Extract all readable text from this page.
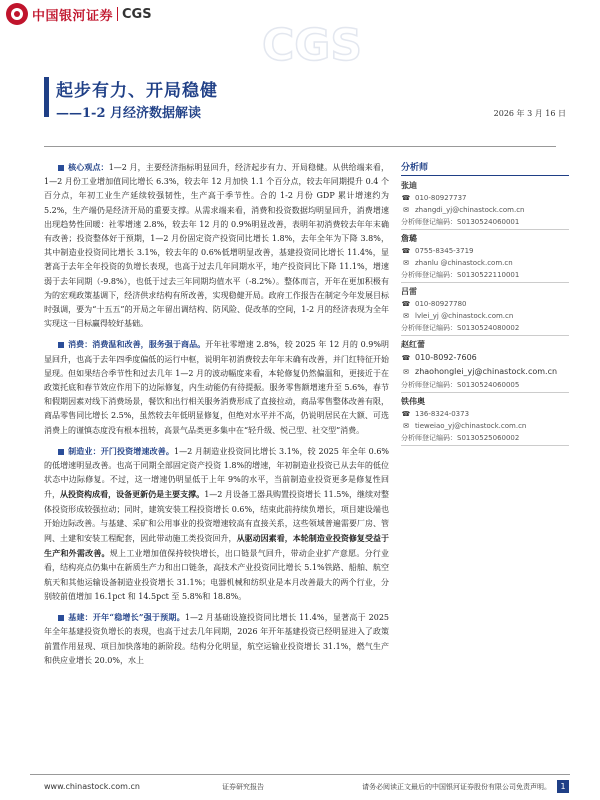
中国银河证券 CGS
CGS
起步有力、开局稳健
——1-2 月经济数据解读	2026 年 3 月 16 日

核心观点：1—2 月，主要经济指标明显回升，经济起步有力、开局稳健。从供给端来看，1—2 月份工业增加值同比增长 6.3%，较去年 12 月加快 1.1 个百分点，较去年同期提升 0.4 个百分点，年初工业生产延续较强韧性，生产高于季节性。合的 1-2 月份 GDP 累计增速约为 5.2%，生产端仍是经济开局的重要支撑。从需求端来看，消费和投资数据均明显回升，消费增速出现趋势性回暖：社零增速 2.8%，较去年 12 月的 0.9%明显改善，表明年初消费较去年年末确有改善；投资整体好于预期，1—2 月份固定资产投资同比增长 1.8%，去年全年为下降 3.8%，其中制造业投资同比增长 3.1%，较去年的 0.6%低增明显改善，基建投资同比增长 11.4%，显著高于去年全年投资的负增长表现，也高于过去几年同期水平，地产投资同比下降 11.1%，增速弱于去年同期（-9.8%），也低于过去三年同期均值水平（-8.2%）。整体而言，开年在更加积极有为的宏观政策基调下，经济供求结构有所改善，实现稳健开局。政府工作报告在制定今年发展目标时强调，要为“十五五”的开局之年留出调结构、防风险、促改革的空间，1-2 月的经济表现为全年实现这一目标赢得较好基础。

消费：消费温和改善，服务强于商品。开年社零增速 2.8%，较 2025 年 12 月的 0.9%明显回升，也高于去年四季度偏低的运行中枢，说明年初消费较去年年末确有改善，并门红特征开始显现。但如果结合季节性和过去几年 1—2 月的波动幅度来看，本轮修复仍然偏温和，更接近于在政策托底和春节效应作用下的边际修复，内生动能仍有待提振。服务零售额增速升至 5.6%，春节和假期因素对线下消费场景，餐饮和出行相关服务消费形成了直接拉动，商品零售整体改善有限，商品零售同比增长 2.5%，虽然较去年低明显修复，但绝对水平并不高，仍说明居民在大额、可选消费上的谨慎态度没有根本扭转，高景气品类更多集中在“轻升级、悦己型、社交型”消费。

制造业：开门投资增速改善。1—2 月制造业投资同比增长 3.1%，较 2025 年全年 0.6%的低增速明显改善。也高于同期全部固定资产投资 1.8%的增速，年初制造业投资已从去年的低位状态中边际修复。不过，这一增速仍明显低于上年 9%的水平，当前制造业投资更多是修复性回升，从投资构成看，设备更新仍是主要支撑。1—2 月设备工器具购置投资增长 11.5%，继续对整体投资形成较强拉动；同时，建筑安装工程投资增长 0.6%，结束此前持续负增长，项目建设端也开始边际改善。与基建、采矿和公用事业的投资增速较高有直接关系，这些领域普遍需要厂房、管网、土建和安装工程配套，因此带动施工类投资回升，从驱动因素看，本轮制造业投资修复受益于生产和外需改善。规上工业增加值保持较快增长，出口链景气回升，带动企业扩产意愿。分行业看，结构亮点仍集中在新质生产力和出口链条，高技术产业投资同比增长 5.1%铁路、船舶、航空航天和其他运输设备制造业投资增长 31.1%；电器机械和纺织业是本月改善最大的两个行业，分别较前值增加 16.1pct 和 14.5pct 至 5.8%和 18.8%。

基建：开年“稳增长”强于预期。1—2 月基础设施投资同比增长 11.4%，显著高于 2025 年全年基建投资负增长的表现，也高于过去几年同期，2026 年开年基建投资已经明显进入了政策前置作用显现、项目加快落地的新阶段。结构分化明显，航空运输业投资增长 31.1%，燃气生产和供应业增长 20.0%，水上

分析师
张迪
☎ 010-80927737
✉ zhangdi_yj@chinastock.com.cn
分析师登记编码：S0130524060001
詹璐
☎ 0755-8345-3719
✉ zhanlu @chinastock.com.cn
分析师登记编码：S0130522110001
吕雷
☎ 010-80927780
✉ lvlei_yj @chinastock.com.cn
分析师登记编码：S0130524080002
赵红蕾
☎ 010-8092-7606
✉ zhaohonglei_yj@chinastock.com.cn
分析师登记编码：S0130524060005
铁伟奥
☎ 136-8324-0373
✉ tieweiao_yj@chinastock.com.cn
分析师登记编码：S0130525060002
www.chinastock.com.cn	证券研究报告	请务必阅读正文最后的中国银河证券股份有限公司免责声明。	1
